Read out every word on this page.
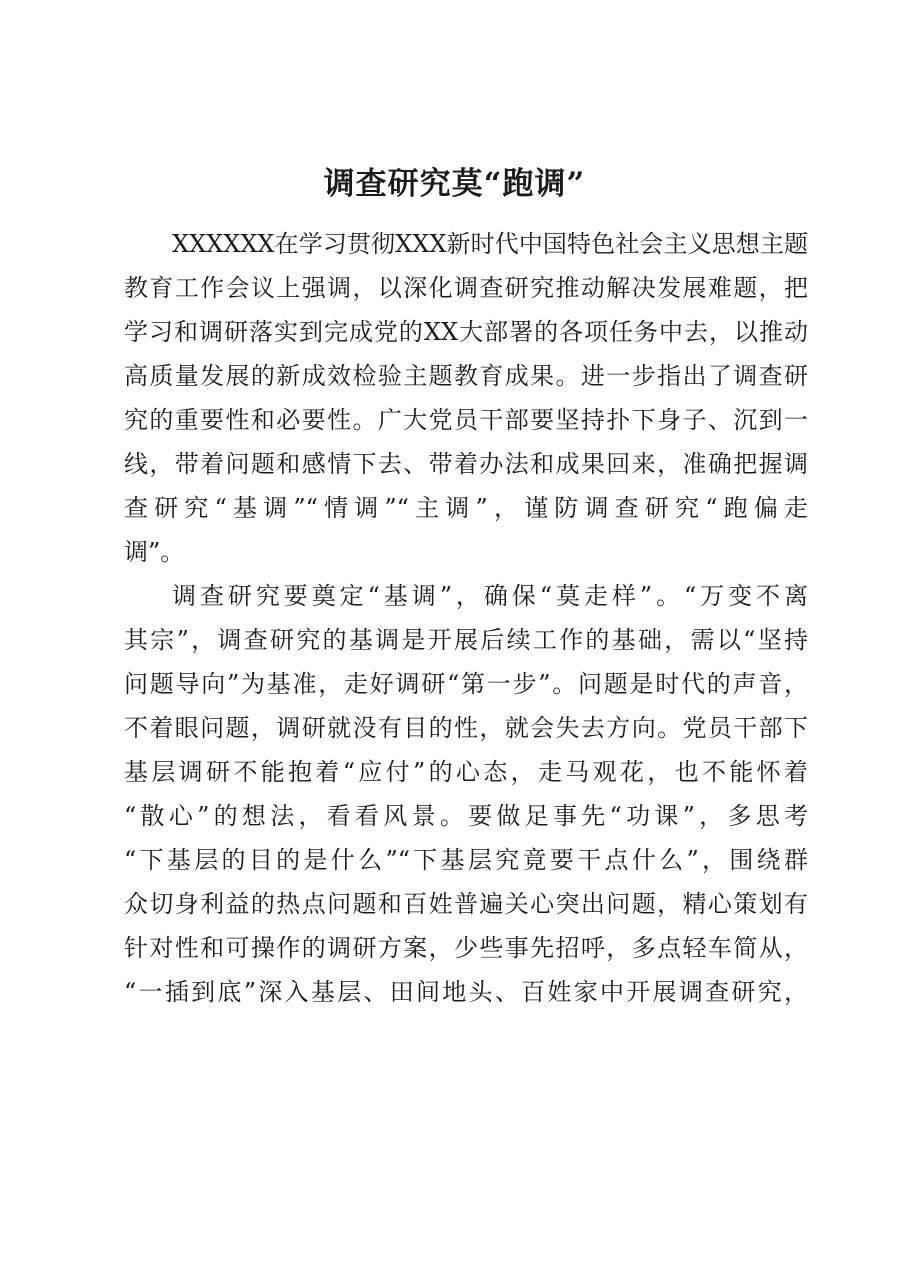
调查研究莫“跑调”
XXXXXX在学习贯彻XXX新时代中国特色社会主义思想主题
教育工作会议上强调，以深化调查研究推动解决发展难题，把
学习和调研落实到完成党的XX大部署的各项任务中去，以推动
高质量发展的新成效检验主题教育成果。进一步指出了调查研
究的重要性和必要性。广大党员干部要坚持扑下身子、沉到一
线，带着问题和感情下去、带着办法和成果回来，准确把握调
查研究“基调”“情调”“主调”，谨防调查研究“跑偏走
调”。
调查研究要奠定“基调”，确保“莫走样”。“万变不离
其宗”，调查研究的基调是开展后续工作的基础，需以“坚持
问题导向”为基准，走好调研“第一步”。问题是时代的声音，
不着眼问题，调研就没有目的性，就会失去方向。党员干部下
基层调研不能抱着“应付”的心态，走马观花，也不能怀着
“散心”的想法，看看风景。要做足事先“功课”，多思考
“下基层的目的是什么”“下基层究竟要干点什么”，围绕群
众切身利益的热点问题和百姓普遍关心突出问题，精心策划有
针对性和可操作的调研方案，少些事先招呼，多点轻车简从，
“一插到底”深入基层、田间地头、百姓家中开展调查研究，
